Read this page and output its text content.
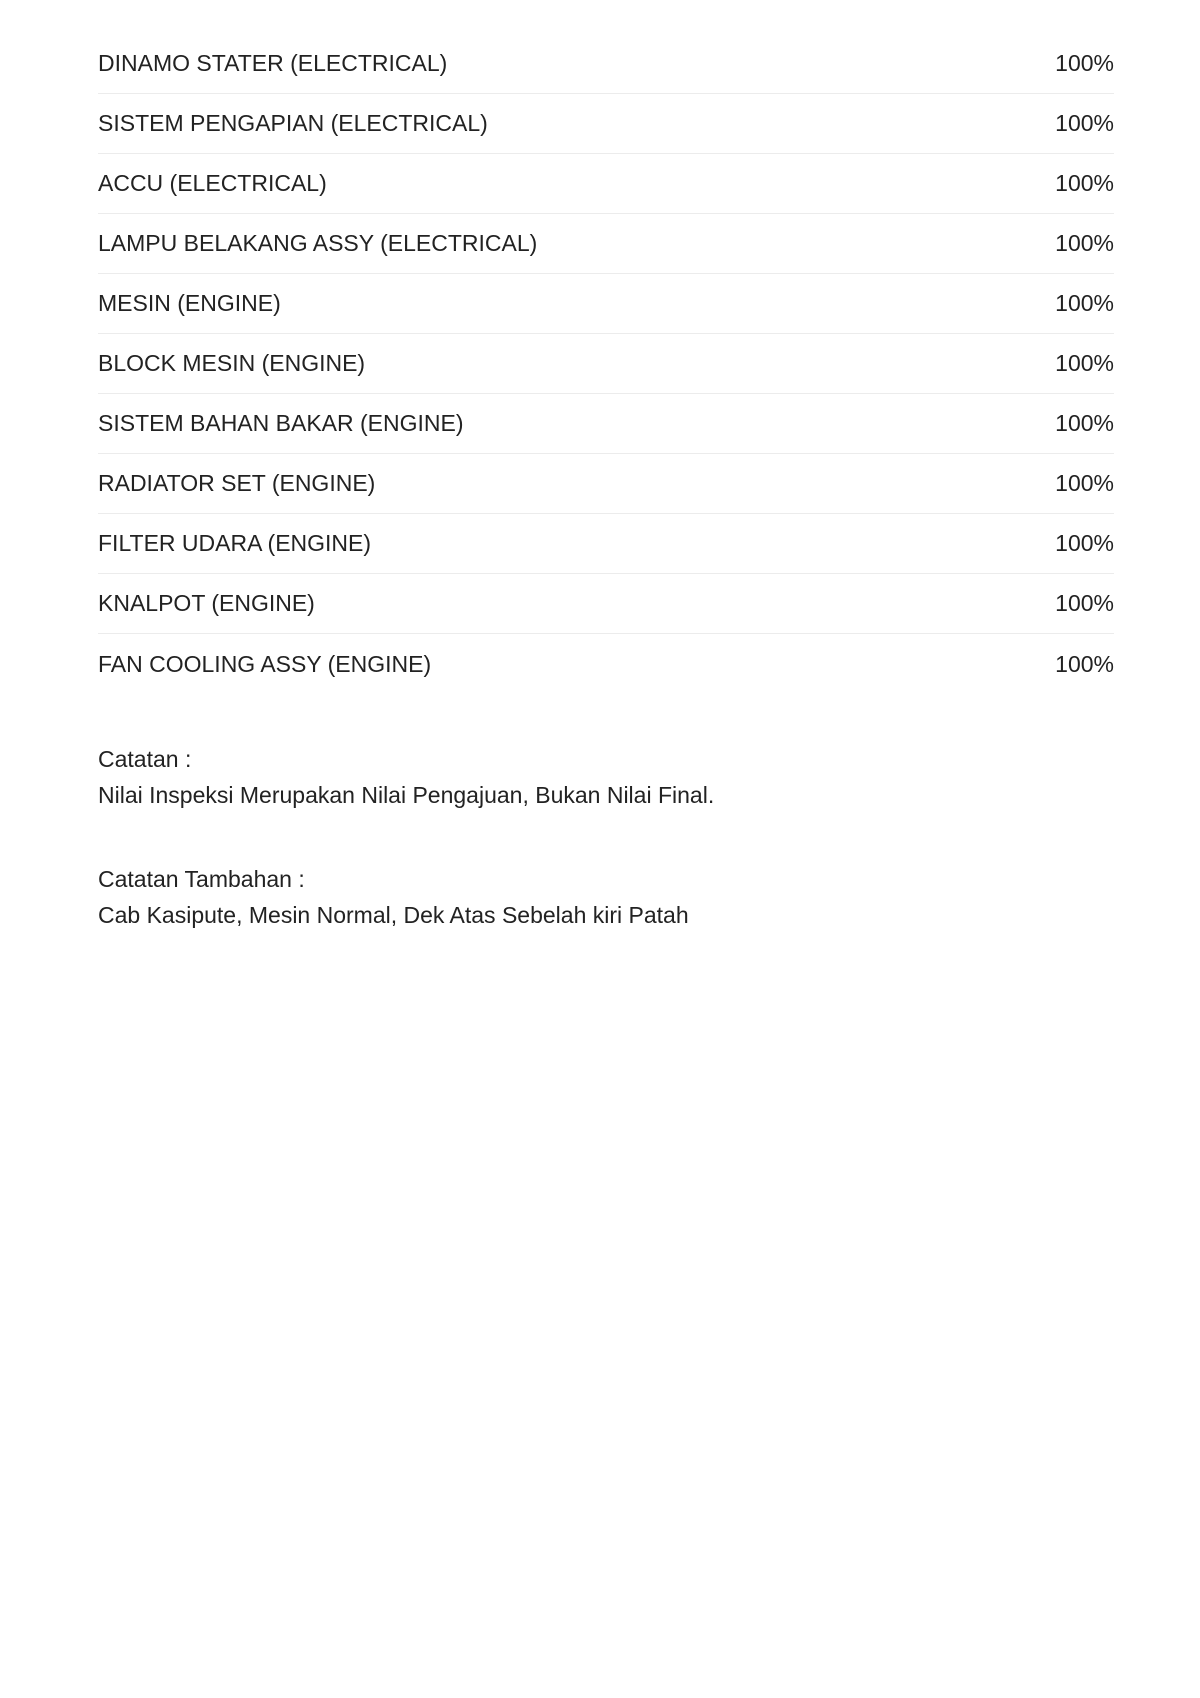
DINAMO STATER (ELECTRICAL)	100%
SISTEM PENGAPIAN (ELECTRICAL)	100%
ACCU (ELECTRICAL)	100%
LAMPU BELAKANG ASSY (ELECTRICAL)	100%
MESIN (ENGINE)	100%
BLOCK MESIN (ENGINE)	100%
SISTEM BAHAN BAKAR (ENGINE)	100%
RADIATOR SET (ENGINE)	100%
FILTER UDARA (ENGINE)	100%
KNALPOT (ENGINE)	100%
FAN COOLING ASSY (ENGINE)	100%

Catatan :
Nilai Inspeksi Merupakan Nilai Pengajuan, Bukan Nilai Final.

Catatan Tambahan :
Cab Kasipute, Mesin Normal, Dek Atas Sebelah kiri Patah
